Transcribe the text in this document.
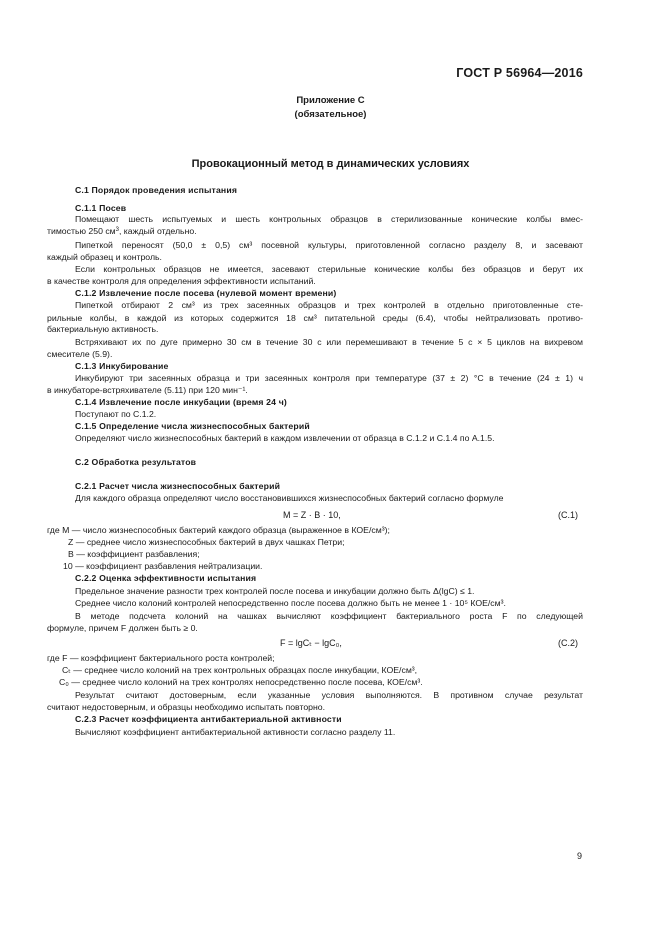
ГОСТ Р 56964—2016
Приложение С
(обязательное)
Провокационный метод в динамических условиях
С.1 Порядок проведения испытания
С.1.1 Посев
Помещают шесть испытуемых и шесть контрольных образцов в стерилизованные конические колбы вмес-
тимостью 250 $см^3$, каждый отдельно.
Пипеткой переносят (50,0 ± 0,5) см³ посевной культуры, приготовленной согласно разделу 8, и засевают
каждый образец и контроль.
Если контрольных образцов не имеется, засевают стерильные конические колбы без образцов и берут их
в качестве контроля для определения эффективности испытаний.
С.1.2 Извлечение после посева (нулевой момент времени)
Пипеткой отбирают 2 см³ из трех засеянных образцов и трех контролей в отдельно приготовленные сте-
рильные колбы, в каждой из которых содержится 18 см³ питательной среды (6.4), чтобы нейтрализовать противо-
бактериальную активность.
Встряхивают их по дуге примерно 30 см в течение 30 с или перемешивают в течение 5 с × 5 циклов на вихревом
смесителе (5.9).
С.1.3 Инкубирование
Инкубируют три засеянных образца и три засеянных контроля при температуре (37 ± 2) °С в течение (24 ± 1) ч
в инкубаторе-встряхивателе (5.11) при 120 мин⁻¹.
С.1.4 Извлечение после инкубации (время 24 ч)
Поступают по С.1.2.
С.1.5 Определение числа жизнеспособных бактерий
Определяют число жизнеспособных бактерий в каждом извлечении от образца в С.1.2 и С.1.4 по А.1.5.
С.2 Обработка результатов
С.2.1 Расчет числа жизнеспособных бактерий
Для каждого образца определяют число восстановившихся жизнеспособных бактерий согласно формуле
M = Z · B · 10,	(С.1)
где M — число жизнеспособных бактерий каждого образца (выраженное в КОЕ/см³);
Z — среднее число жизнеспособных бактерий в двух чашках Петри;
B — коэффициент разбавления;
10 — коэффициент разбавления нейтрализации.
С.2.2 Оценка эффективности испытания
Предельное значение разности трех контролей после посева и инкубации должно быть Δ(lgC) ≤ 1.
Среднее число колоний контролей непосредственно после посева должно быть не менее 1 · 10⁵ КОЕ/см³.
В методе подсчета колоний на чашках вычисляют коэффициент бактериального роста F по следующей
формуле, причем F должен быть ≥ 0.
F = lgCₜ − lgC₀,	(С.2)
где F — коэффициент бактериального роста контролей;
Cₜ — среднее число колоний на трех контрольных образцах после инкубации, КОЕ/см³,
C₀ — среднее число колоний на трех контролях непосредственно после посева, КОЕ/см³.
Результат считают достоверным, если указанные условия выполняются. В противном случае результат
считают недостоверным, и образцы необходимо испытать повторно.
С.2.3 Расчет коэффициента антибактериальной активности
Вычисляют коэффициент антибактериальной активности согласно разделу 11.
9
